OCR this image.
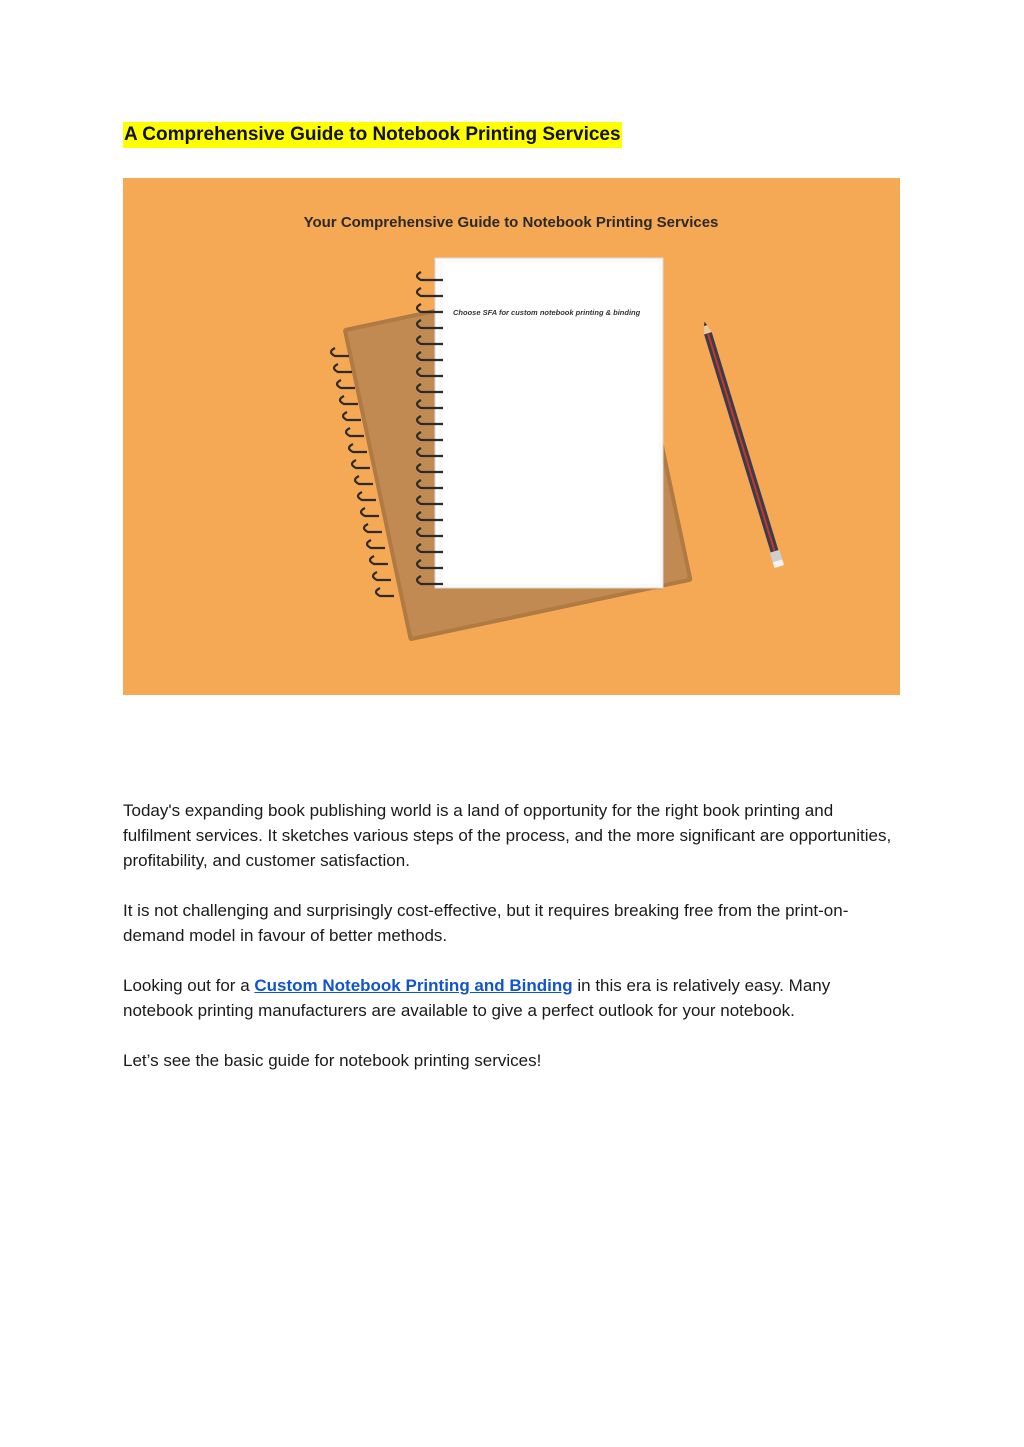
A Comprehensive Guide to Notebook Printing Services
Your Comprehensive Guide to Notebook Printing Services
Choose SFA for custom notebook printing & binding

Today's expanding book publishing world is a land of opportunity for the right book printing and fulfilment services. It sketches various steps of the process, and the more significant are opportunities, profitability, and customer satisfaction.

It is not challenging and surprisingly cost-effective, but it requires breaking free from the print-on-demand model in favour of better methods.

Looking out for a Custom Notebook Printing and Binding in this era is relatively easy. Many notebook printing manufacturers are available to give a perfect outlook for your notebook.

Let’s see the basic guide for notebook printing services!
